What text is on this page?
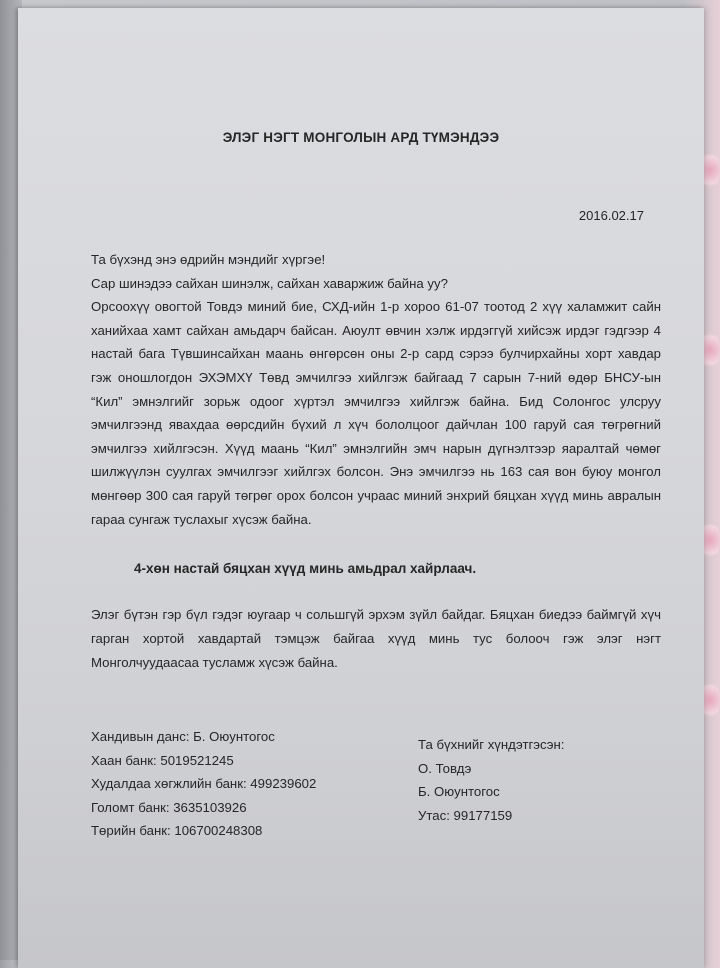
ЭЛЭГ НЭГТ МОНГОЛЫН АРД ТҮМЭНДЭЭ
2016.02.17

Та бүхэнд энэ өдрийн мэндийг хүргэе!

Сар шинэдээ сайхан шинэлж, сайхан хаваржиж байна уу?

Орсоохүү овогтой Товдэ миний бие, СХД-ийн 1-р хороо 61-07 тоотод 2 хүү халамжит сайн ханийхаа хамт сайхан амьдарч байсан. Аюулт өвчин хэлж ирдэггүй хийсэж ирдэг гэдгээр 4 настай бага Түвшинсайхан маань өнгөрсөн оны 2-р сард сэрээ булчирхайны хорт хавдар гэж оношлогдон ЭХЭМХҮ Төвд эмчилгээ хийлгэж байгаад 7 сарын 7-ний өдөр БНСУ-ын “Кил” эмнэлгийг зорьж одоог хүртэл эмчилгээ хийлгэж байна. Бид Солонгос улсруу эмчилгээнд явахдаа өөрсдийн бүхий л хүч бололцоог дайчлан 100 гаруй сая төгрөгний эмчилгээ хийлгэсэн. Хүүд маань “Кил” эмнэлгийн эмч нарын дүгнэлтээр яаралтай чөмөг шилжүүлэн суулгах эмчилгээг хийлгэх болсон. Энэ эмчилгээ нь 163 сая вон буюу монгол мөнгөөр 300 сая гаруй төгрөг орох болсон учраас миний энхрий бяцхан хүүд минь авралын гараа сунгаж туслахыг хүсэж байна.

4-хөн настай бяцхан хүүд минь амьдрал хайрлаач.
Элэг бүтэн гэр бүл гэдэг юугаар ч сольшгүй эрхэм зүйл байдаг. Бяцхан биедээ баймгүй хүч гарган хортой хавдартай тэмцэж байгаа хүүд минь тус болооч гэж элэг нэгт Монголчуудаасаа тусламж хүсэж байна.
Хандивын данс: Б. Оюунтогос
Хаан банк: 5019521245
Худалдаа хөгжлийн банк: 499239602
Голомт банк: 3635103926
Төрийн банк: 106700248308
Та бүхнийг хүндэтгэсэн:
О. Товдэ
Б. Оюунтогос
Утас: 99177159
